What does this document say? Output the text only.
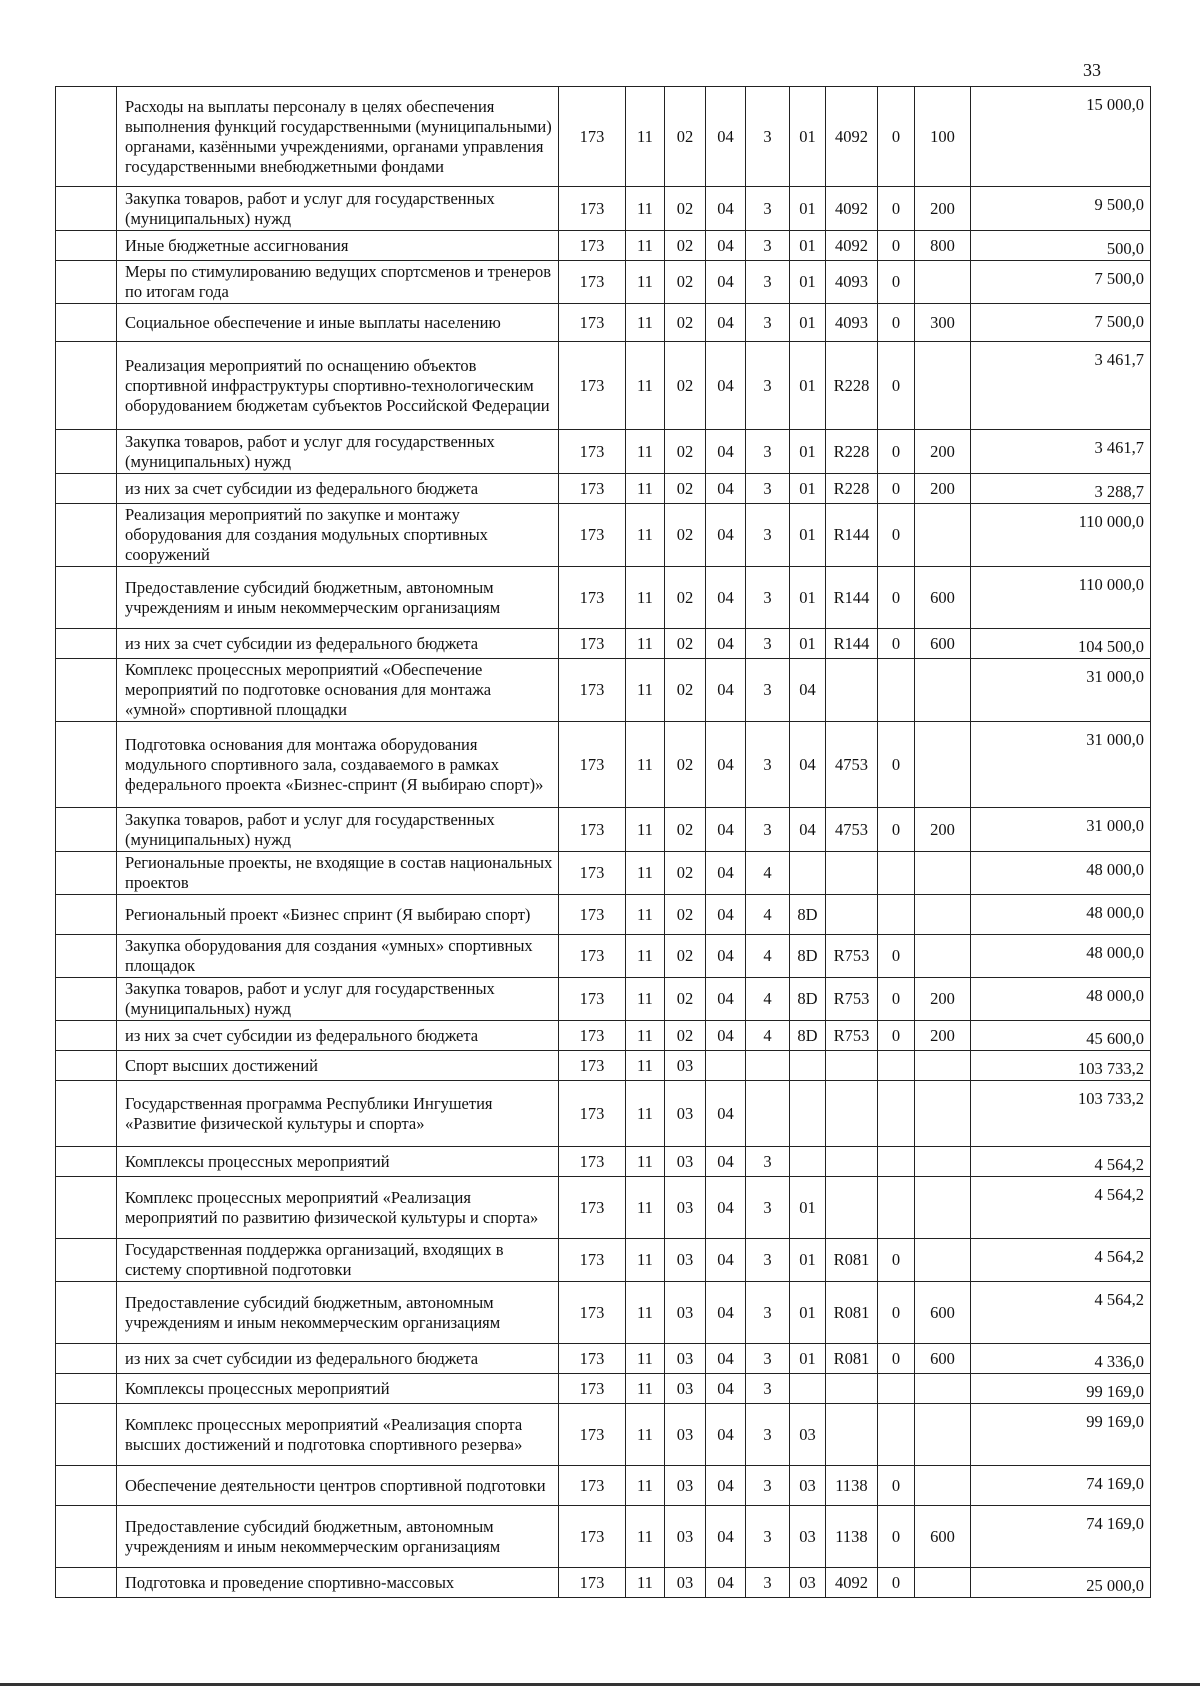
33
	Расходы на выплаты персоналу в целях обеспечения выполнения функций государственными (муниципальными) органами, казёнными учреждениями, органами управления государственными внебюджетными фондами	173	11	02	04	3	01	4092	0	100	15 000,0
	Закупка товаров, работ и услуг для государственных (муниципальных) нужд	173	11	02	04	3	01	4092	0	200	9 500,0
	Иные бюджетные ассигнования	173	11	02	04	3	01	4092	0	800	500,0
	Меры по стимулированию ведущих спортсменов и тренеров по итогам года	173	11	02	04	3	01	4093	0		7 500,0
	Социальное обеспечение и иные выплаты населению	173	11	02	04	3	01	4093	0	300	7 500,0
	Реализация мероприятий по оснащению объектов спортивной инфраструктуры спортивно-технологическим оборудованием бюджетам субъектов Российской Федерации	173	11	02	04	3	01	R228	0		3 461,7
	Закупка товаров, работ и услуг для государственных (муниципальных) нужд	173	11	02	04	3	01	R228	0	200	3 461,7
	из них за счет субсидии из федерального бюджета	173	11	02	04	3	01	R228	0	200	3 288,7
	Реализация мероприятий по закупке и монтажу оборудования для создания модульных спортивных сооружений	173	11	02	04	3	01	R144	0		110 000,0
	Предоставление субсидий бюджетным, автономным учреждениям и иным некоммерческим организациям	173	11	02	04	3	01	R144	0	600	110 000,0
	из них за счет субсидии из федерального бюджета	173	11	02	04	3	01	R144	0	600	104 500,0
	Комплекс процессных мероприятий «Обеспечение мероприятий по подготовке основания для монтажа «умной» спортивной площадки	173	11	02	04	3	04				31 000,0
	Подготовка основания для монтажа оборудования модульного спортивного зала, создаваемого в рамках федерального проекта «Бизнес-спринт (Я выбираю спорт)»	173	11	02	04	3	04	4753	0		31 000,0
	Закупка товаров, работ и услуг для государственных (муниципальных) нужд	173	11	02	04	3	04	4753	0	200	31 000,0
	Региональные проекты, не входящие в состав национальных проектов	173	11	02	04	4					48 000,0
	Региональный проект «Бизнес спринт (Я выбираю спорт)	173	11	02	04	4	8D				48 000,0
	Закупка оборудования для создания «умных» спортивных площадок	173	11	02	04	4	8D	R753	0		48 000,0
	Закупка товаров, работ и услуг для государственных (муниципальных) нужд	173	11	02	04	4	8D	R753	0	200	48 000,0
	из них за счет субсидии из федерального бюджета	173	11	02	04	4	8D	R753	0	200	45 600,0
	Спорт высших достижений	173	11	03							103 733,2
	Государственная программа Республики Ингушетия «Развитие физической культуры и спорта»	173	11	03	04						103 733,2
	Комплексы процессных мероприятий	173	11	03	04	3					4 564,2
	Комплекс процессных мероприятий «Реализация мероприятий по развитию физической культуры и спорта»	173	11	03	04	3	01				4 564,2
	Государственная поддержка организаций, входящих в систему спортивной подготовки	173	11	03	04	3	01	R081	0		4 564,2
	Предоставление субсидий бюджетным, автономным учреждениям и иным некоммерческим организациям	173	11	03	04	3	01	R081	0	600	4 564,2
	из них за счет субсидии из федерального бюджета	173	11	03	04	3	01	R081	0	600	4 336,0
	Комплексы процессных мероприятий	173	11	03	04	3					99 169,0
	Комплекс процессных мероприятий «Реализация спорта высших достижений и подготовка спортивного резерва»	173	11	03	04	3	03				99 169,0
	Обеспечение деятельности центров спортивной подготовки	173	11	03	04	3	03	1138	0		74 169,0
	Предоставление субсидий бюджетным, автономным учреждениям и иным некоммерческим организациям	173	11	03	04	3	03	1138	0	600	74 169,0
	Подготовка и проведение спортивно-массовых	173	11	03	04	3	03	4092	0		25 000,0
